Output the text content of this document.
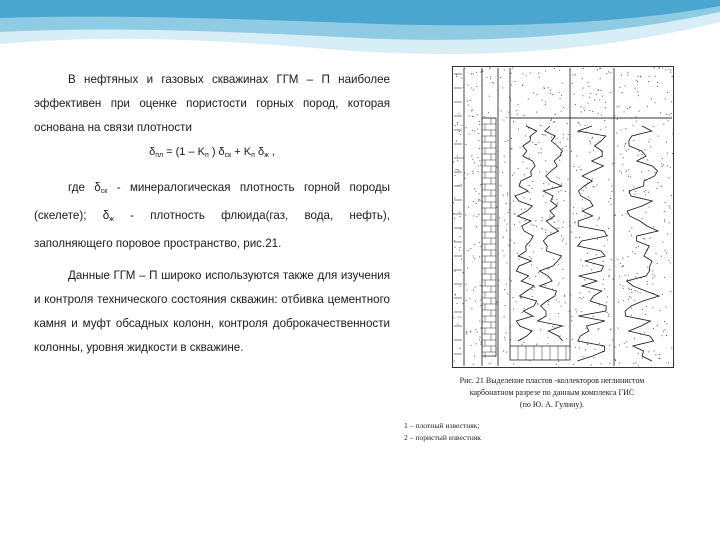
В нефтяных и газовых скважинах ГГМ – П наиболее эффективен при оценке пористости горных пород, которая основана на связи плотности

$\delta_{пл} = (1 - K_п$ ) $\delta_{ск} + K_п$ $\delta_ж$ ,

где $\delta_{ск}$ - минералогическая плотность горной породы (скелете); $\delta_ж$ - плотность флюида(газ, вода, нефть), заполняющего поровое пространство, рис.21.

Данные ГГМ – П широко используются также для изучения и контроля технического состояния скважин: отбивка цементного камня и муфт обсадных колонн, контроля доброкачественности колонны, уровня жидкости в скважине.

Рис. 21 Выделение пластов -коллекторов неглинистом
карбонатном разрезе по данным комплекса ГИС
(по Ю. А. Гулину).
1 – плотный известняк;
2 – пористый известняк
